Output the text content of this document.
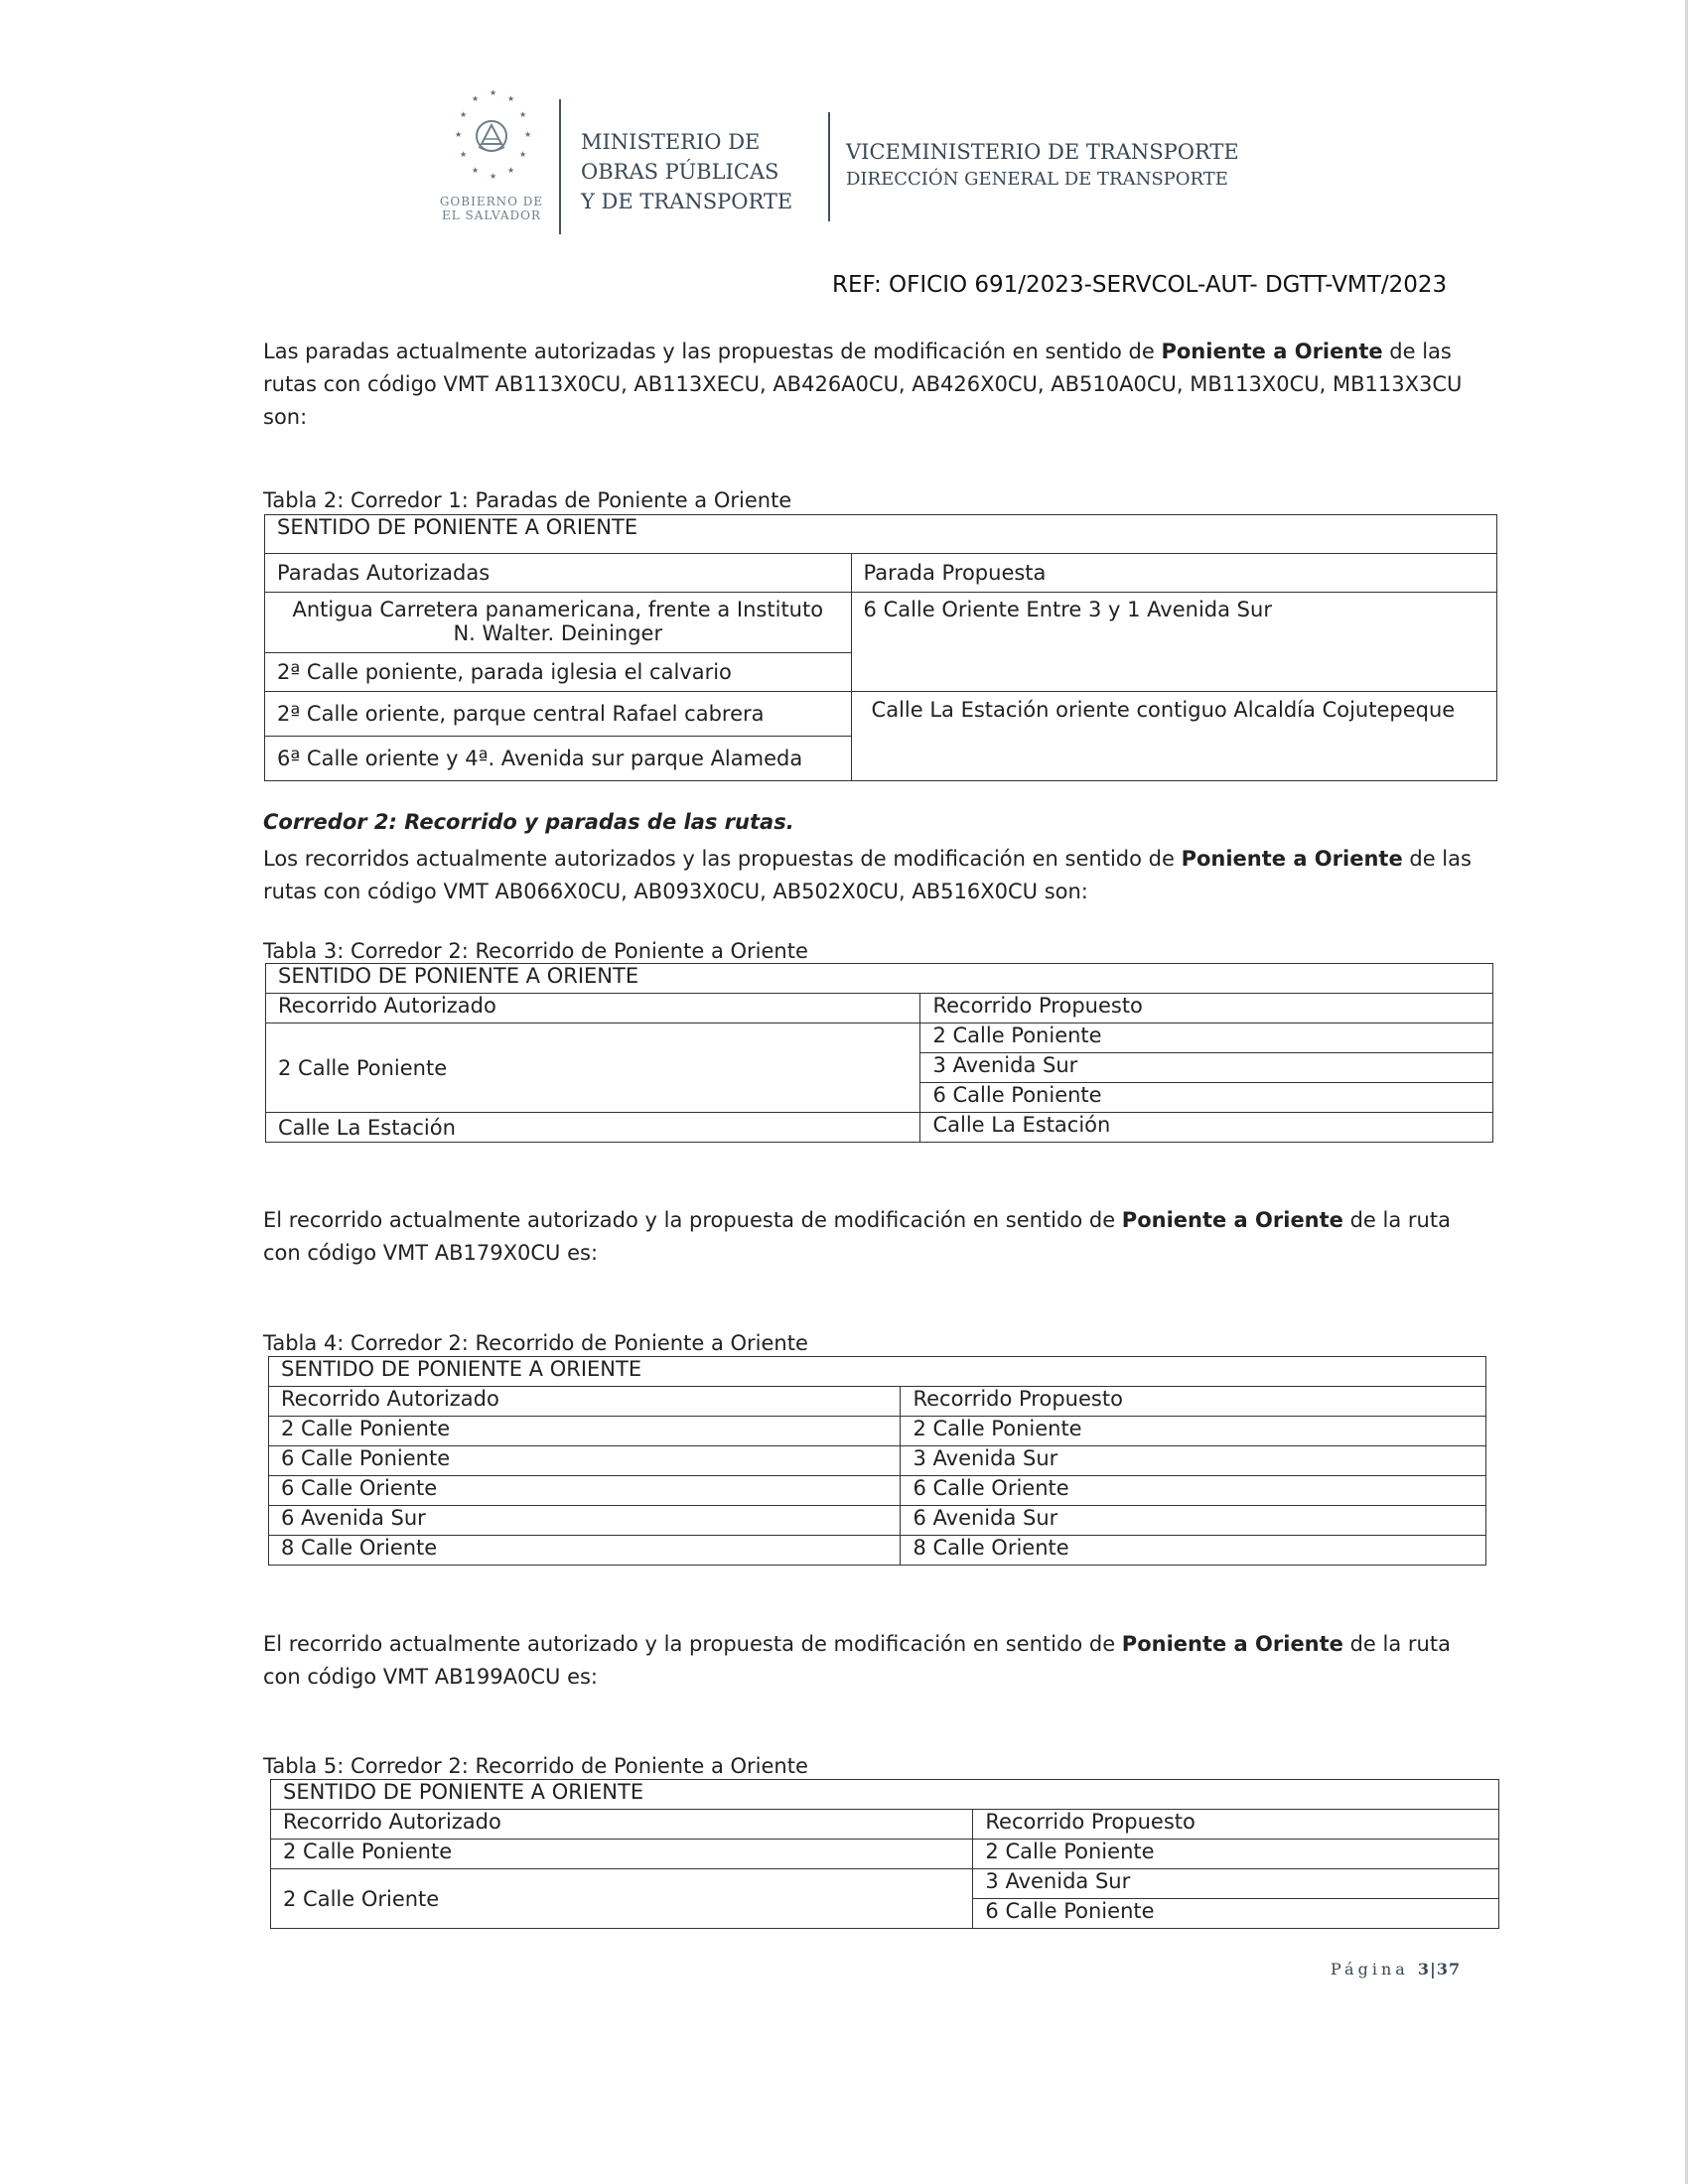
★
★	★
★	★
★	★
★	★
★	★
★
GOBIERNO DE
EL SALVADOR
MINISTERIO DE
OBRAS PÚBLICAS
Y DE TRANSPORTE
VICEMINISTERIO DE TRANSPORTE
DIRECCIÓN GENERAL DE TRANSPORTE
REF: OFICIO 691/2023-SERVCOL-AUT- DGTT-VMT/2023

Las paradas actualmente autorizadas y las propuestas de modificación en sentido de Poniente a Oriente de las rutas con código VMT AB113X0CU, AB113XECU, AB426A0CU, AB426X0CU, AB510A0CU, MB113X0CU, MB113X3CU son:

Tabla 2: Corredor 1: Paradas de Poniente a Oriente
SENTIDO DE PONIENTE A ORIENTE	
Paradas Autorizadas	Parada Propuesta

Antigua Carretera panamericana, frente a Instituto
N. Walter. Deininger	6 Calle Oriente Entre 3 y 1 Avenida Sur
2ª Calle poniente, parada iglesia el calvario	
2ª Calle oriente, parque central Rafael cabrera	Calle La Estación oriente contiguo Alcaldía Cojutepeque
6ª Calle oriente y 4ª. Avenida sur parque Alameda	
Corredor 2: Recorrido y paradas de las rutas.

Los recorridos actualmente autorizados y las propuestas de modificación en sentido de Poniente a Oriente de las rutas con código VMT AB066X0CU, AB093X0CU, AB502X0CU, AB516X0CU son:

Tabla 3: Corredor 2: Recorrido de Poniente a Oriente
SENTIDO DE PONIENTE A ORIENTE	
Recorrido Autorizado	Recorrido Propuesto
2 Calle Poniente	2 Calle Poniente
	3 Avenida Sur
	6 Calle Poniente
Calle La Estación	Calle La Estación

El recorrido actualmente autorizado y la propuesta de modificación en sentido de Poniente a Oriente de la ruta con código VMT AB179X0CU es:

Tabla 4: Corredor 2: Recorrido de Poniente a Oriente
SENTIDO DE PONIENTE A ORIENTE	
Recorrido Autorizado	Recorrido Propuesto
2 Calle Poniente	2 Calle Poniente
6 Calle Poniente	3 Avenida Sur
6 Calle Oriente	6 Calle Oriente
6 Avenida Sur	6 Avenida Sur
8 Calle Oriente	8 Calle Oriente

El recorrido actualmente autorizado y la propuesta de modificación en sentido de Poniente a Oriente de la ruta con código VMT AB199A0CU es:

Tabla 5: Corredor 2: Recorrido de Poniente a Oriente
SENTIDO DE PONIENTE A ORIENTE	
Recorrido Autorizado	Recorrido Propuesto
2 Calle Poniente	2 Calle Poniente
2 Calle Oriente	3 Avenida Sur
	6 Calle Poniente
Página 3|37
